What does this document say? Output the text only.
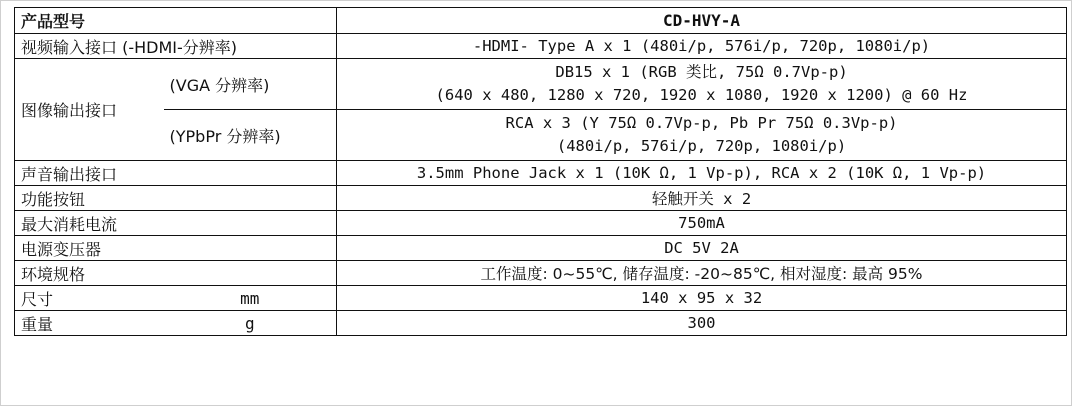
产品型号		CD-HVY-A
视频输入接口 (-HDMI-分辨率)		-HDMI- Type A x 1 (480i/p, 576i/p, 720p, 1080i/p)
图像输出接口	(VGA 分辨率)	DB15 x 1 (RGB 类比, 75Ω 0.7Vp-p)
(640 x 480, 1280 x 720, 1920 x 1080, 1920 x 1200) @ 60 Hz

	(YPbPr 分辨率)	RCA x 3 (Y 75Ω 0.7Vp-p, Pb Pr 75Ω 0.3Vp-p)
(480i/p, 576i/p, 720p, 1080i/p)

声音输出接口		3.5mm Phone Jack x 1 (10K Ω, 1 Vp-p), RCA x 2 (10K Ω, 1 Vp-p)
功能按钮		轻触开关 x 2
最大消耗电流		750mA
电源变压器		DC 5V 2A
环境规格		工作温度: 0~55℃, 储存温度: -20~85℃, 相对湿度: 最高 95%
尺寸	mm	140 x 95 x 32
重量	g	300
